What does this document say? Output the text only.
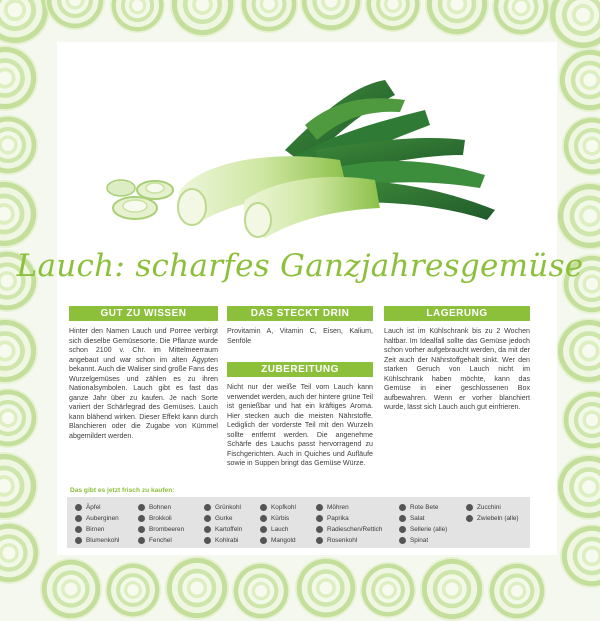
Lauch: scharfes Ganzjahresgemüse
GUT ZU WISSEN
Hinter den Namen Lauch und Porree verbirgt sich dieselbe Gemüsesorte. Die Pflanze wurde schon 2100 v. Chr. im Mittelmeerraum angebaut und war schon im alten Ägypten bekannt. Auch die Waliser sind große Fans des Wurzelgemüses und zählen es zu ihren Nationalsymbolen. Lauch gibt es fast das ganze Jahr über zu kaufen. Je nach Sorte variiert der Schärfegrad des Gemüses. Lauch kann blähend wirken. Dieser Effekt kann durch Blanchieren oder die Zugabe von Kümmel abgemildert werden.
DAS STECKT DRIN
Provitamin A, Vitamin C, Eisen, Kalium, Senföle
ZUBEREITUNG
Nicht nur der weiße Teil vom Lauch kann verwendet werden, auch der hintere grüne Teil ist genießbar und hat ein kräftiges Aroma. Hier stecken auch die meisten Nährstoffe. Lediglich der vorderste Teil mit den Wurzeln sollte entfernt werden. Die angenehme Schärfe des Lauchs passt hervorragend zu Fischgerichten. Auch in Quiches und Aufläufe sowie in Suppen bringt das Gemüse Würze.
LAGERUNG
Lauch ist im Kühlschrank bis zu 2 Wochen haltbar. Im Idealfall sollte das Gemüse jedoch schon vorher aufgebraucht werden, da mit der Zeit auch der Nährstoffgehalt sinkt. Wer den starken Geruch von Lauch nicht im Kühlschrank haben möchte, kann das Gemüse in einer geschlossenen Box aufbewahren. Wenn er vorher blanchiert wurde, lässt sich Lauch auch gut einfrieren.
Das gibt es jetzt frisch zu kaufen:
Äpfel
Auberginen
Birnen
Blumenkohl
Bohnen
Brokkoli
Brombeeren
Fenchel
Grünkohl
Gurke
Kartoffeln
Kohlrabi
Kopfkohl
Kürbis
Lauch
Mangold
Möhren
Paprika
Radieschen/Rettich
Rosenkohl
Rote Bete
Salat
Sellerie (alle)
Spinat
Zucchini
Zwiebeln (alle)
